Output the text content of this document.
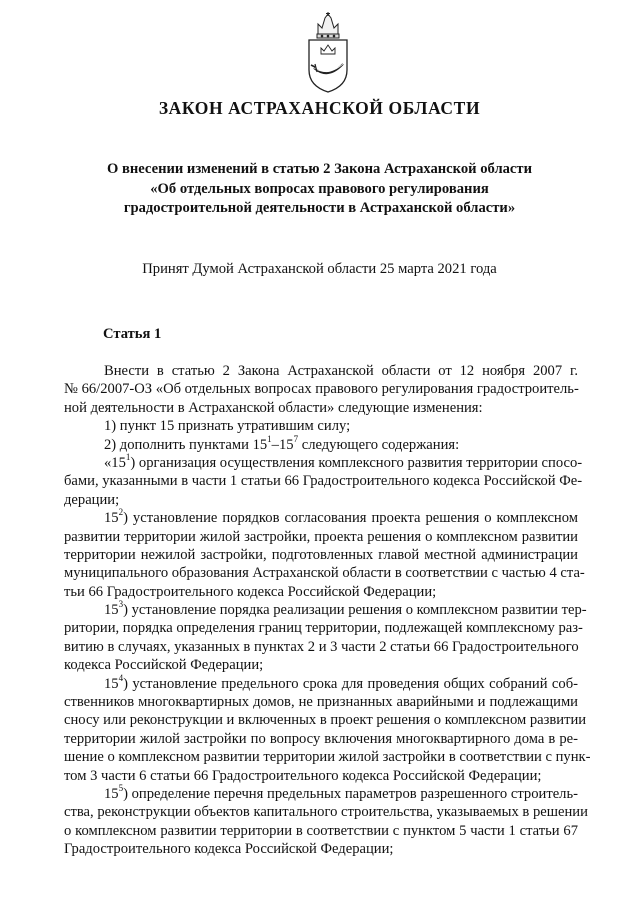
ЗАКОН АСТРАХАНСКОЙ ОБЛАСТИ
О внесении изменений в статью 2 Закона Астраханской области
«Об отдельных вопросах правового регулирования
градостроительной деятельности в Астраханской области»
Принят Думой Астраханской области 25 марта 2021 года
Статья 1
Внести в статью 2 Закона Астраханской области от 12 ноября 2007 г.
№ 66/2007-ОЗ «Об отдельных вопросах правового регулирования градостроитель-
ной деятельности в Астраханской области» следующие изменения:
1) пункт 15 признать утратившим силу;
2) дополнить пунктами $15^1-15^7$ следующего содержания:
«$15^1$) организация осуществления комплексного развития территории спосо-
бами, указанными в части 1 статьи 66 Градостроительного кодекса Российской Фе-
дерации;
$15^2$) установление порядков согласования проекта решения о комплексном
развитии территории жилой застройки, проекта решения о комплексном развитии
территории нежилой застройки, подготовленных главой местной администрации
муниципального образования Астраханской области в соответствии с частью 4 ста-
тьи 66 Градостроительного кодекса Российской Федерации;
$15^3$) установление порядка реализации решения о комплексном развитии тер-
ритории, порядка определения границ территории, подлежащей комплексному раз-
витию в случаях, указанных в пунктах 2 и 3 части 2 статьи 66 Градостроительного
кодекса Российской Федерации;
$15^4$) установление предельного срока для проведения общих собраний соб-
ственников многоквартирных домов, не признанных аварийными и подлежащими
сносу или реконструкции и включенных в проект решения о комплексном развитии
территории жилой застройки по вопросу включения многоквартирного дома в ре-
шение о комплексном развитии территории жилой застройки в соответствии с пунк-
том 3 части 6 статьи 66 Градостроительного кодекса Российской Федерации;
$15^5$) определение перечня предельных параметров разрешенного строитель-
ства, реконструкции объектов капитального строительства, указываемых в решении
о комплексном развитии территории в соответствии с пунктом 5 части 1 статьи 67
Градостроительного кодекса Российской Федерации;
